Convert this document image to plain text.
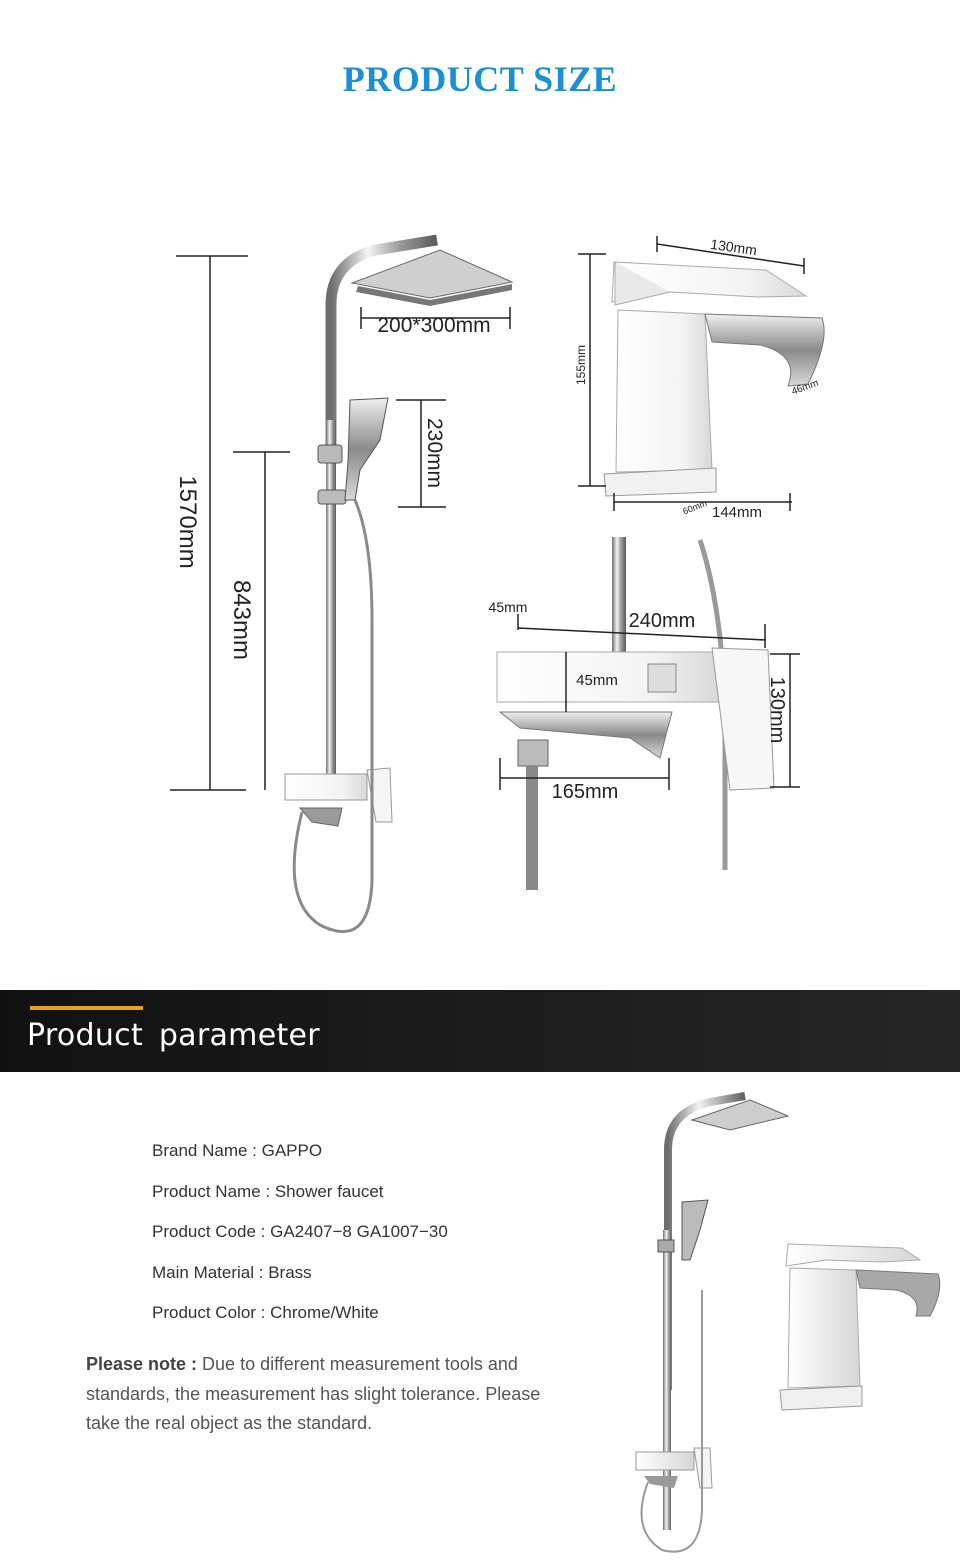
PRODUCT SIZE
1570mm
843mm
200*300mm
230mm
130mm
155mm
46mm
60mm 144mm
45mm
240mm
45mm	130mm
165mm
Product parameter
Brand Name : GAPPO
Product Name : Shower faucet
Product Code : GA2407−8 GA1007−30
Main Material : Brass
Product Color : Chrome/White
Please note : Due to different measurement tools and standards, the measurement has slight tolerance. Please take the real object as the standard.
